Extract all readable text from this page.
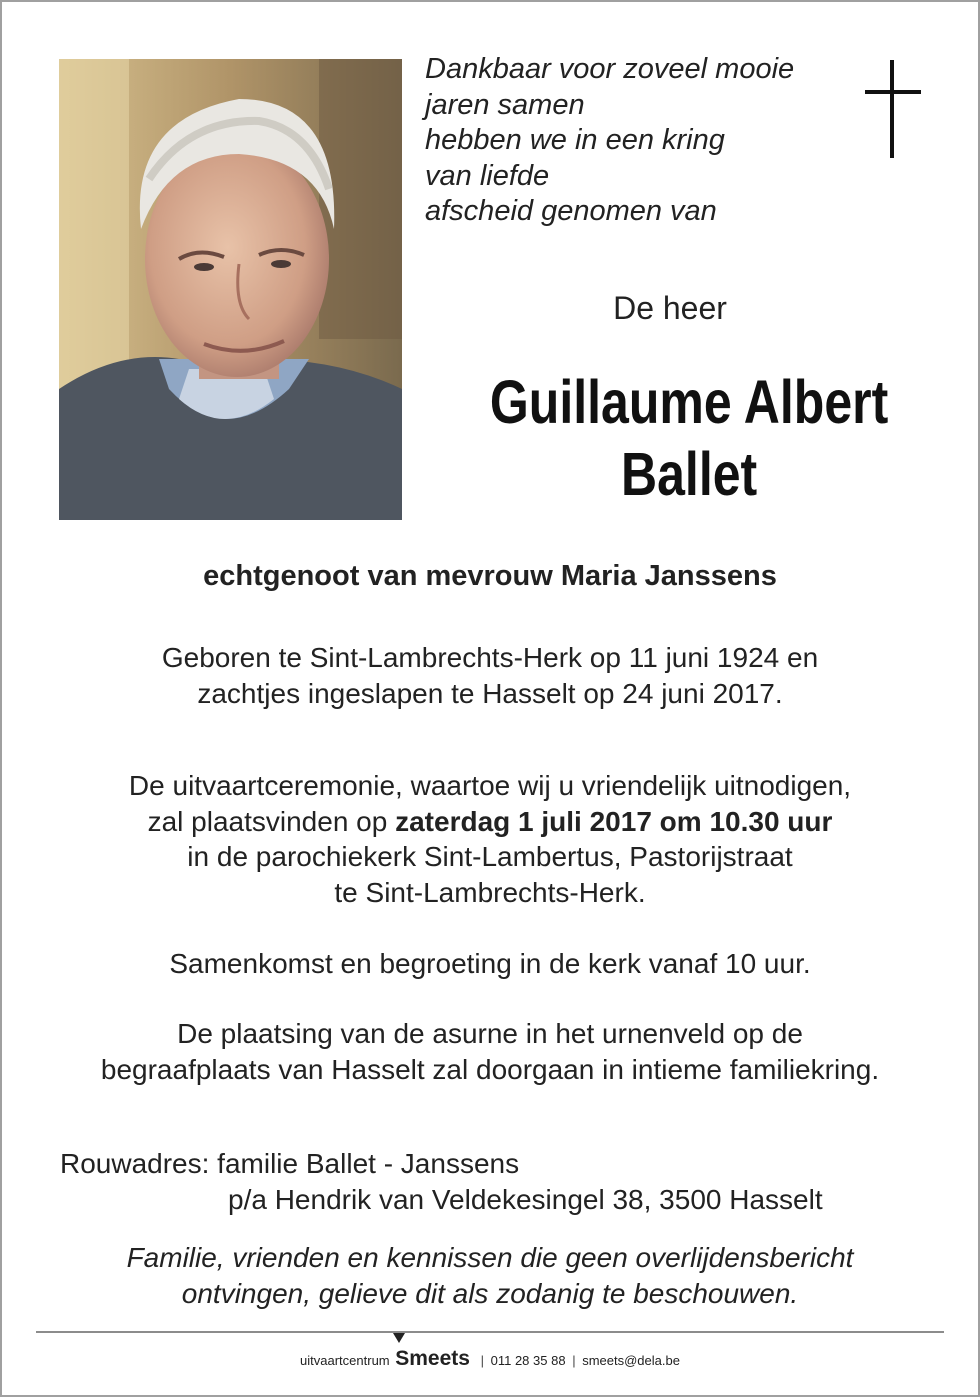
Dankbaar voor zoveel mooie
jaren samen
hebben we in een kring
van liefde
afscheid genomen van
De heer
Guillaume Albert
Ballet
echtgenoot van mevrouw Maria Janssens
Geboren te Sint-Lambrechts-Herk op 11 juni 1924 en
zachtjes ingeslapen te Hasselt op 24 juni 2017.
De uitvaartceremonie, waartoe wij u vriendelijk uitnodigen,
zal plaatsvinden op zaterdag 1 juli 2017 om 10.30 uur
in de parochiekerk Sint-Lambertus, Pastorijstraat
te Sint-Lambrechts-Herk.
Samenkomst en begroeting in de kerk vanaf 10 uur.
De plaatsing van de asurne in het urnenveld op de
begraafplaats van Hasselt zal doorgaan in intieme familiekring.
Rouwadres: familie Ballet - Janssens
p/a Hendrik van Veldekesingel 38, 3500 Hasselt
Familie, vrienden en kennissen die geen overlijdensbericht
ontvingen, gelieve dit als zodanig te beschouwen.
uitvaartcentrum Smeets | 011 28 35 88 | smeets@dela.be
